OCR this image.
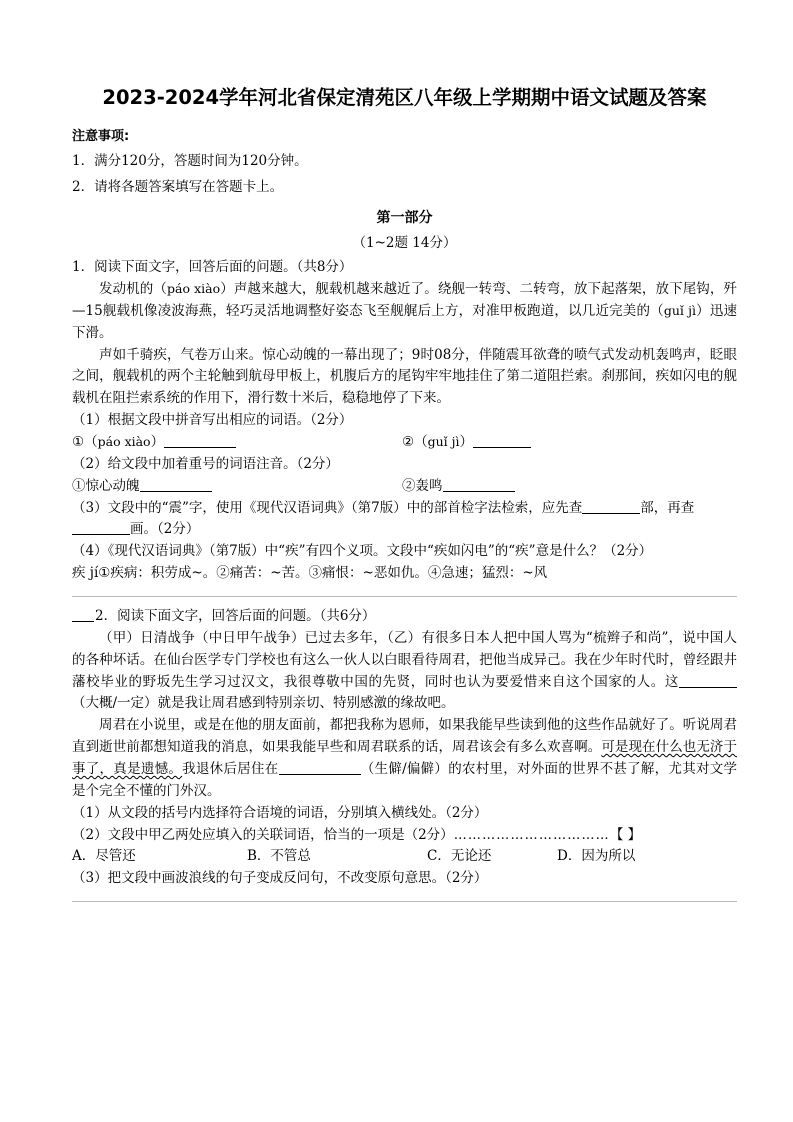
2023-2024学年河北省保定清苑区八年级上学期期中语文试题及答案
注意事项:
1．满分120分，答题时间为120分钟。
2．请将各题答案填写在答题卡上。
第一部分
（1~2题 14分）
1．阅读下面文字，回答后面的问题。（共8分）

发动机的（páo xiào）声越来越大，舰载机越来越近了。绕舰一转弯、二转弯，放下起落架，放下尾钩，歼—15舰载机像凌波海燕，轻巧灵活地调整好姿态飞至舰艉后上方，对准甲板跑道，以几近完美的（guǐ jì）迅速下滑。

声如千骑疾，气卷万山来。惊心动魄的一幕出现了；9时08分，伴随震耳欲聋的喷气式发动机轰鸣声，眨眼之间，舰载机的两个主轮触到航母甲板上，机腹后方的尾钩牢牢地挂住了第二道阻拦索。刹那间，疾如闪电的舰载机在阻拦索系统的作用下，滑行数十米后，稳稳地停了下来。

（1）根据文段中拼音写出相应的词语。（2分）
①（páo xiào）	②（guǐ jì）
（2）给文段中加着重号的词语注音。（2分）
①惊心动魄	②轰鸣

（3）文段中的“震”字，使用《现代汉语词典》（第7版）中的部首检字法检索，应先查	部，再查
画。（2分）

（4）《现代汉语词典》（第7版）中“疾”有四个义项。文段中“疾如闪电”的“疾”意是什么？（2分）
疾 jí①疾病：积劳成~。②痛苦：~苦。③痛恨：~恶如仇。④急速；猛烈：~风

2．阅读下面文字，回答后面的问题。（共6分）

（甲）日清战争（中日甲午战争）已过去多年，（乙）有很多日本人把中国人骂为“梳辫子和尚”，说中国人的各种坏话。在仙台医学专门学校也有这么一伙人以白眼看待周君，把他当成异己。我在少年时代时，曾经跟井藩校毕业的野坂先生学习过汉文，我很尊敬中国的先贤，同时也认为要爱惜来自这个国家的人。这（大概/一定）就是我让周君感到特别亲切、特别感激的缘故吧。

周君在小说里，或是在他的朋友面前，都把我称为恩师，如果我能早些读到他的这些作品就好了。听说周君直到逝世前都想知道我的消息，如果我能早些和周君联系的话，周君该会有多么欢喜啊。可是现在什么也无济于事了，真是遗憾。我退休后居住在	（生僻/偏僻）的农村里，对外面的世界不甚了解，尤其对文学是个完全不懂的门外汉。

（1）从文段的括号内选择符合语境的词语，分别填入横线处。（2分）

（2）文段中甲乙两处应填入的关联词语，恰当的一项是（2分）……………………………【 】

A．尽管还	B．不管总	C．无论还	D．因为所以
（3）把文段中画波浪线的句子变成反问句，不改变原句意思。（2分）
